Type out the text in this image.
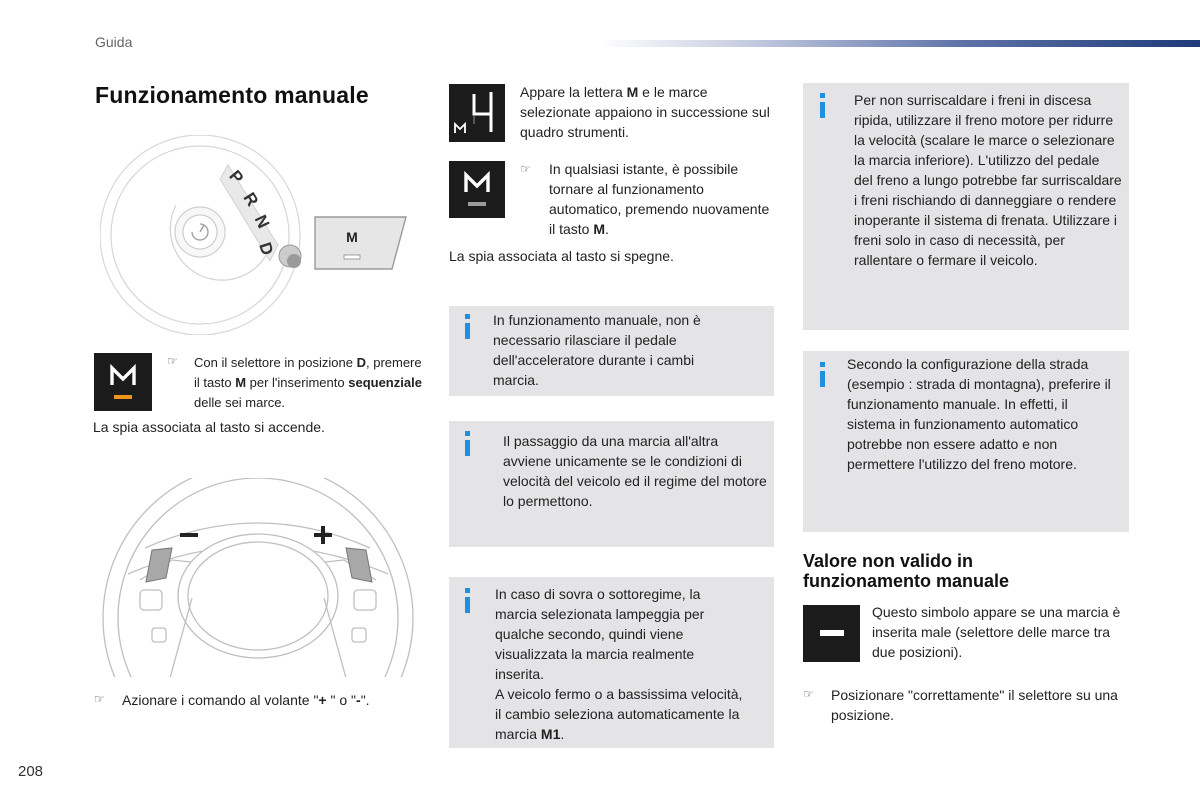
Guida
Funzionamento manuale
P
R
N
D
M
☞ Con il selettore in posizione D, premere il tasto M per l'inserimento sequenziale delle sei marce.
La spia associata al tasto si accende.
☞ Azionare i comando al volante "+ " o "-".
208
Appare la lettera M e le marce selezionate appaiono in successione sul quadro strumenti.
☞ In qualsiasi istante, è possibile tornare al funzionamento automatico, premendo nuovamente il tasto M.
La spia associata al tasto si spegne.
In funzionamento manuale, non è necessario rilasciare il pedale dell'acceleratore durante i cambi marcia.
Il passaggio da una marcia all'altra avviene unicamente se le condizioni di velocità del veicolo ed il regime del motore lo permettono.
In caso di sovra o sottoregime, la marcia selezionata lampeggia per qualche secondo, quindi viene visualizzata la marcia realmente inserita.
A veicolo fermo o a bassissima velocità, il cambio seleziona automaticamente la marcia M1.
Per non surriscaldare i freni in discesa ripida, utilizzare il freno motore per ridurre la velocità (scalare le marce o selezionare la marcia inferiore). L'utilizzo del pedale del freno a lungo potrebbe far surriscaldare i freni rischiando di danneggiare o rendere inoperante il sistema di frenata. Utilizzare i freni solo in caso di necessità, per rallentare o fermare il veicolo.
Secondo la configurazione della strada (esempio : strada di montagna), preferire il funzionamento manuale. In effetti, il sistema in funzionamento automatico potrebbe non essere adatto e non permettere l'utilizzo del freno motore.
Valore non valido in funzionamento manuale
Questo simbolo appare se una marcia è inserita male (selettore delle marce tra due posizioni).
☞ Posizionare "correttamente" il selettore su una posizione.
